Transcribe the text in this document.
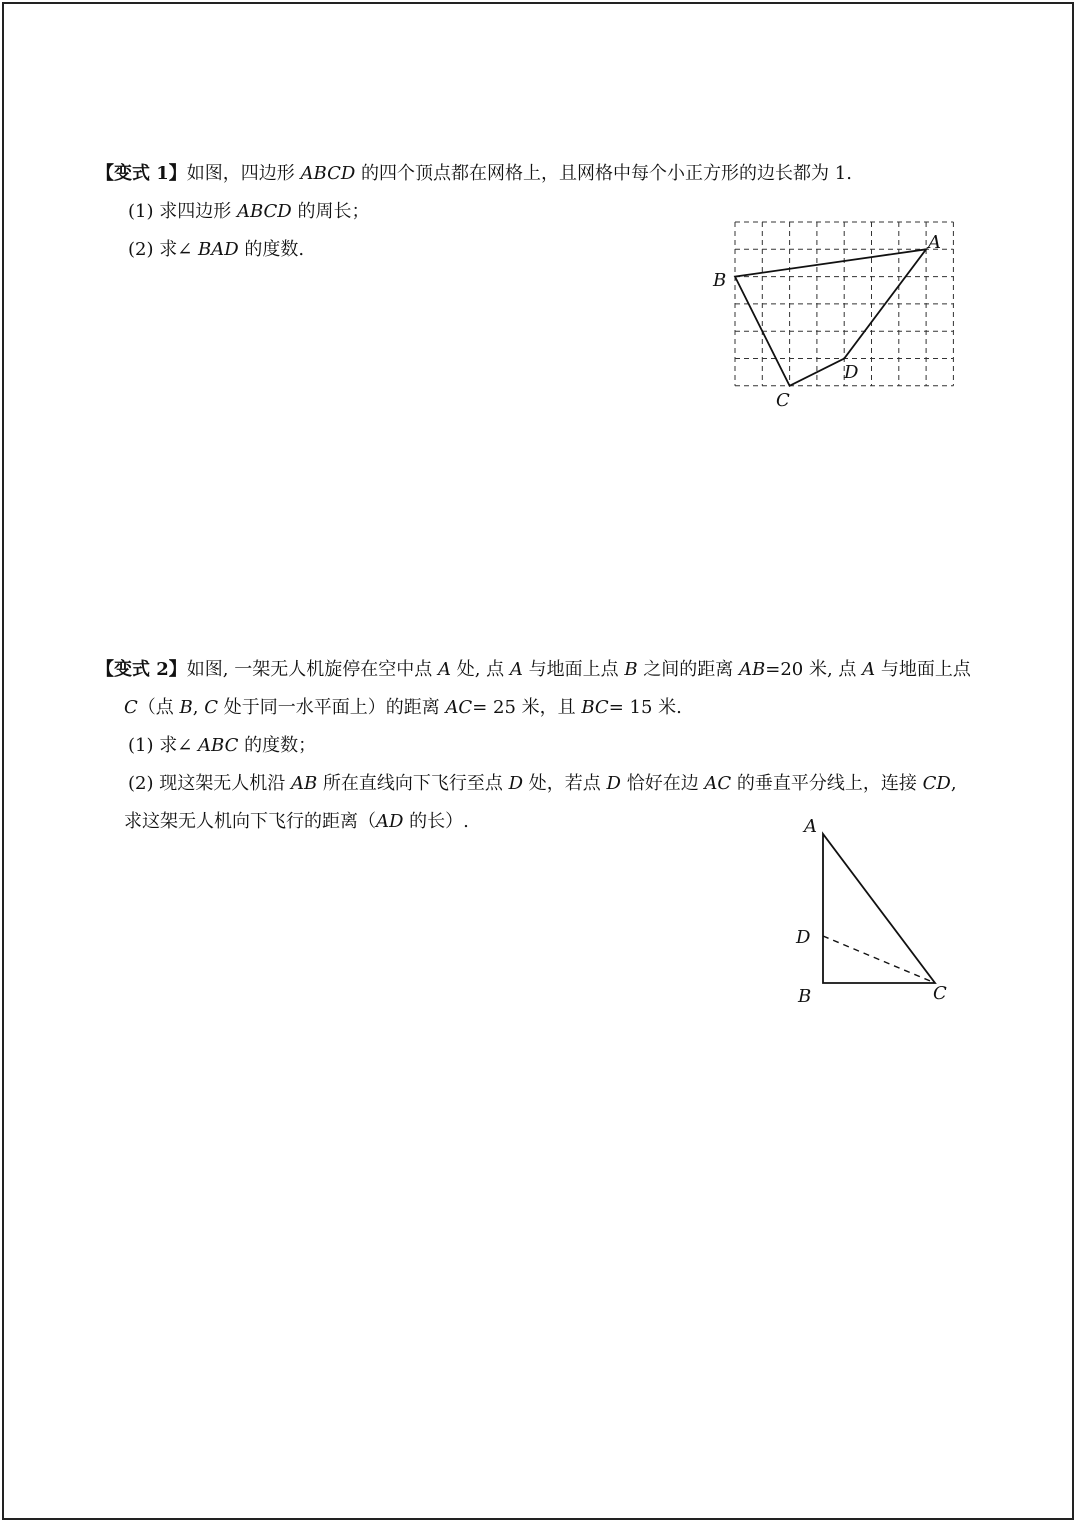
【变式 1】如图，四边形 ABCD 的四个顶点都在网格上，且网格中每个小正方形的边长都为 1.
(1) 求四边形 ABCD 的周长；
(2) 求∠ BAD 的度数.	A
B
C
D
【变式 2】如图, 一架无人机旋停在空中点 A 处, 点 A 与地面上点 B 之间的距离 AB=20 米, 点 A 与地面上点
C（点 B, C 处于同一水平面上）的距离 AC= 25 米，且 BC= 15 米.
(1) 求∠ ABC 的度数；
(2) 现这架无人机沿 AB 所在直线向下飞行至点 D 处，若点 D 恰好在边 AC 的垂直平分线上，连接 CD,
求这架无人机向下飞行的距离（AD 的长）.	A
D
B	C
